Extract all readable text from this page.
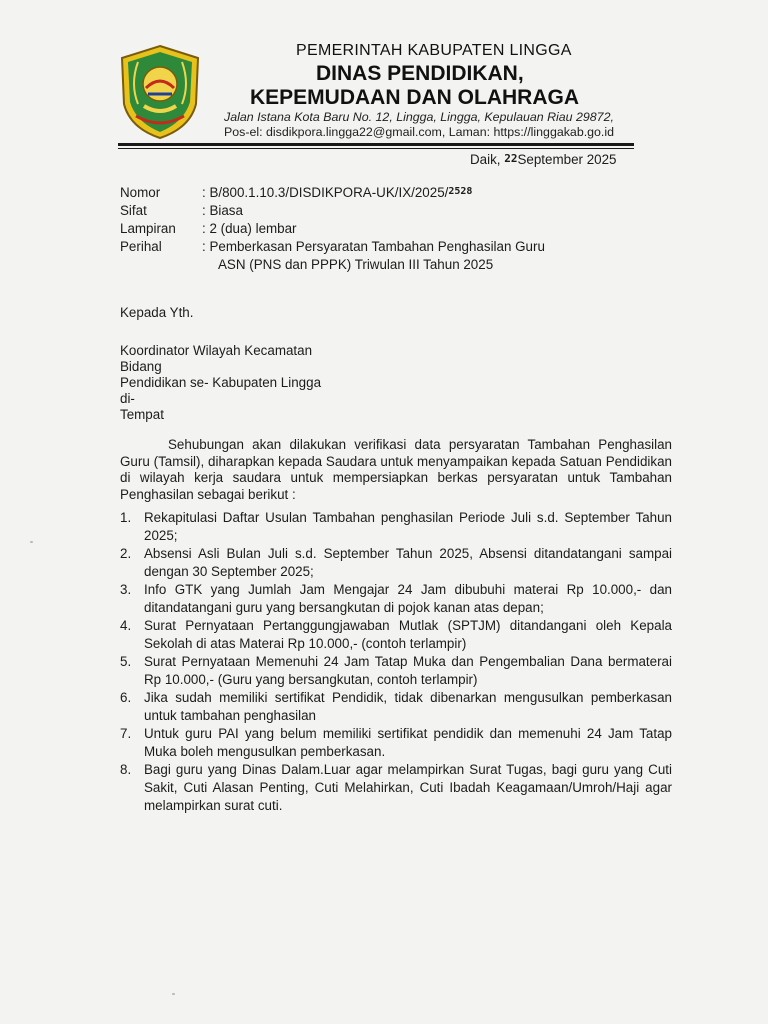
PEMERINTAH KABUPATEN LINGGA
DINAS PENDIDIKAN,
KEPEMUDAAN DAN OLAHRAGA
Jalan Istana Kota Baru No. 12, Lingga, Lingga, Kepulauan Riau 29872,
Pos-el: disdikpora.lingga22@gmail.com, Laman: https://linggakab.go.id
Daik, 22September 2025
Nomor	: B/800.1.10.3/DISDIKPORA-UK/IX/2025/$^{2528}$
Sifat	: Biasa
Lampiran : 2 (dua) lembar
Perihal	: Pemberkasan Persyaratan Tambahan Penghasilan Guru
ASN (PNS dan PPPK) Triwulan III Tahun 2025
Kepada Yth.
Koordinator Wilayah Kecamatan
Bidang
Pendidikan se- Kabupaten Lingga
di-
Tempat
Sehubungan akan dilakukan verifikasi data persyaratan Tambahan Penghasilan Guru (Tamsil), diharapkan kepada Saudara untuk menyampaikan kepada Satuan Pendidikan di wilayah kerja saudara untuk mempersiapkan berkas persyaratan untuk Tambahan Penghasilan sebagai berikut :
1. Rekapitulasi Daftar Usulan Tambahan penghasilan Periode Juli s.d. September Tahun 2025;
2. Absensi Asli Bulan Juli s.d. September Tahun 2025, Absensi ditandatangani sampai dengan 30 September 2025;
3. Info GTK yang Jumlah Jam Mengajar 24 Jam dibubuhi materai Rp 10.000,- dan ditandatangani guru yang bersangkutan di pojok kanan atas depan;
4. Surat Pernyataan Pertanggungjawaban Mutlak (SPTJM) ditandangani oleh Kepala Sekolah di atas Materai Rp 10.000,- (contoh terlampir)
5. Surat Pernyataan Memenuhi 24 Jam Tatap Muka dan Pengembalian Dana bermaterai Rp 10.000,- (Guru yang bersangkutan, contoh terlampir)
6. Jika sudah memiliki sertifikat Pendidik, tidak dibenarkan mengusulkan pemberkasan untuk tambahan penghasilan
7. Untuk guru PAI yang belum memiliki sertifikat pendidik dan memenuhi 24 Jam Tatap Muka boleh mengusulkan pemberkasan.
8. Bagi guru yang Dinas Dalam.Luar agar melampirkan Surat Tugas, bagi guru yang Cuti Sakit, Cuti Alasan Penting, Cuti Melahirkan, Cuti Ibadah Keagamaan/Umroh/Haji agar melampirkan surat cuti.
